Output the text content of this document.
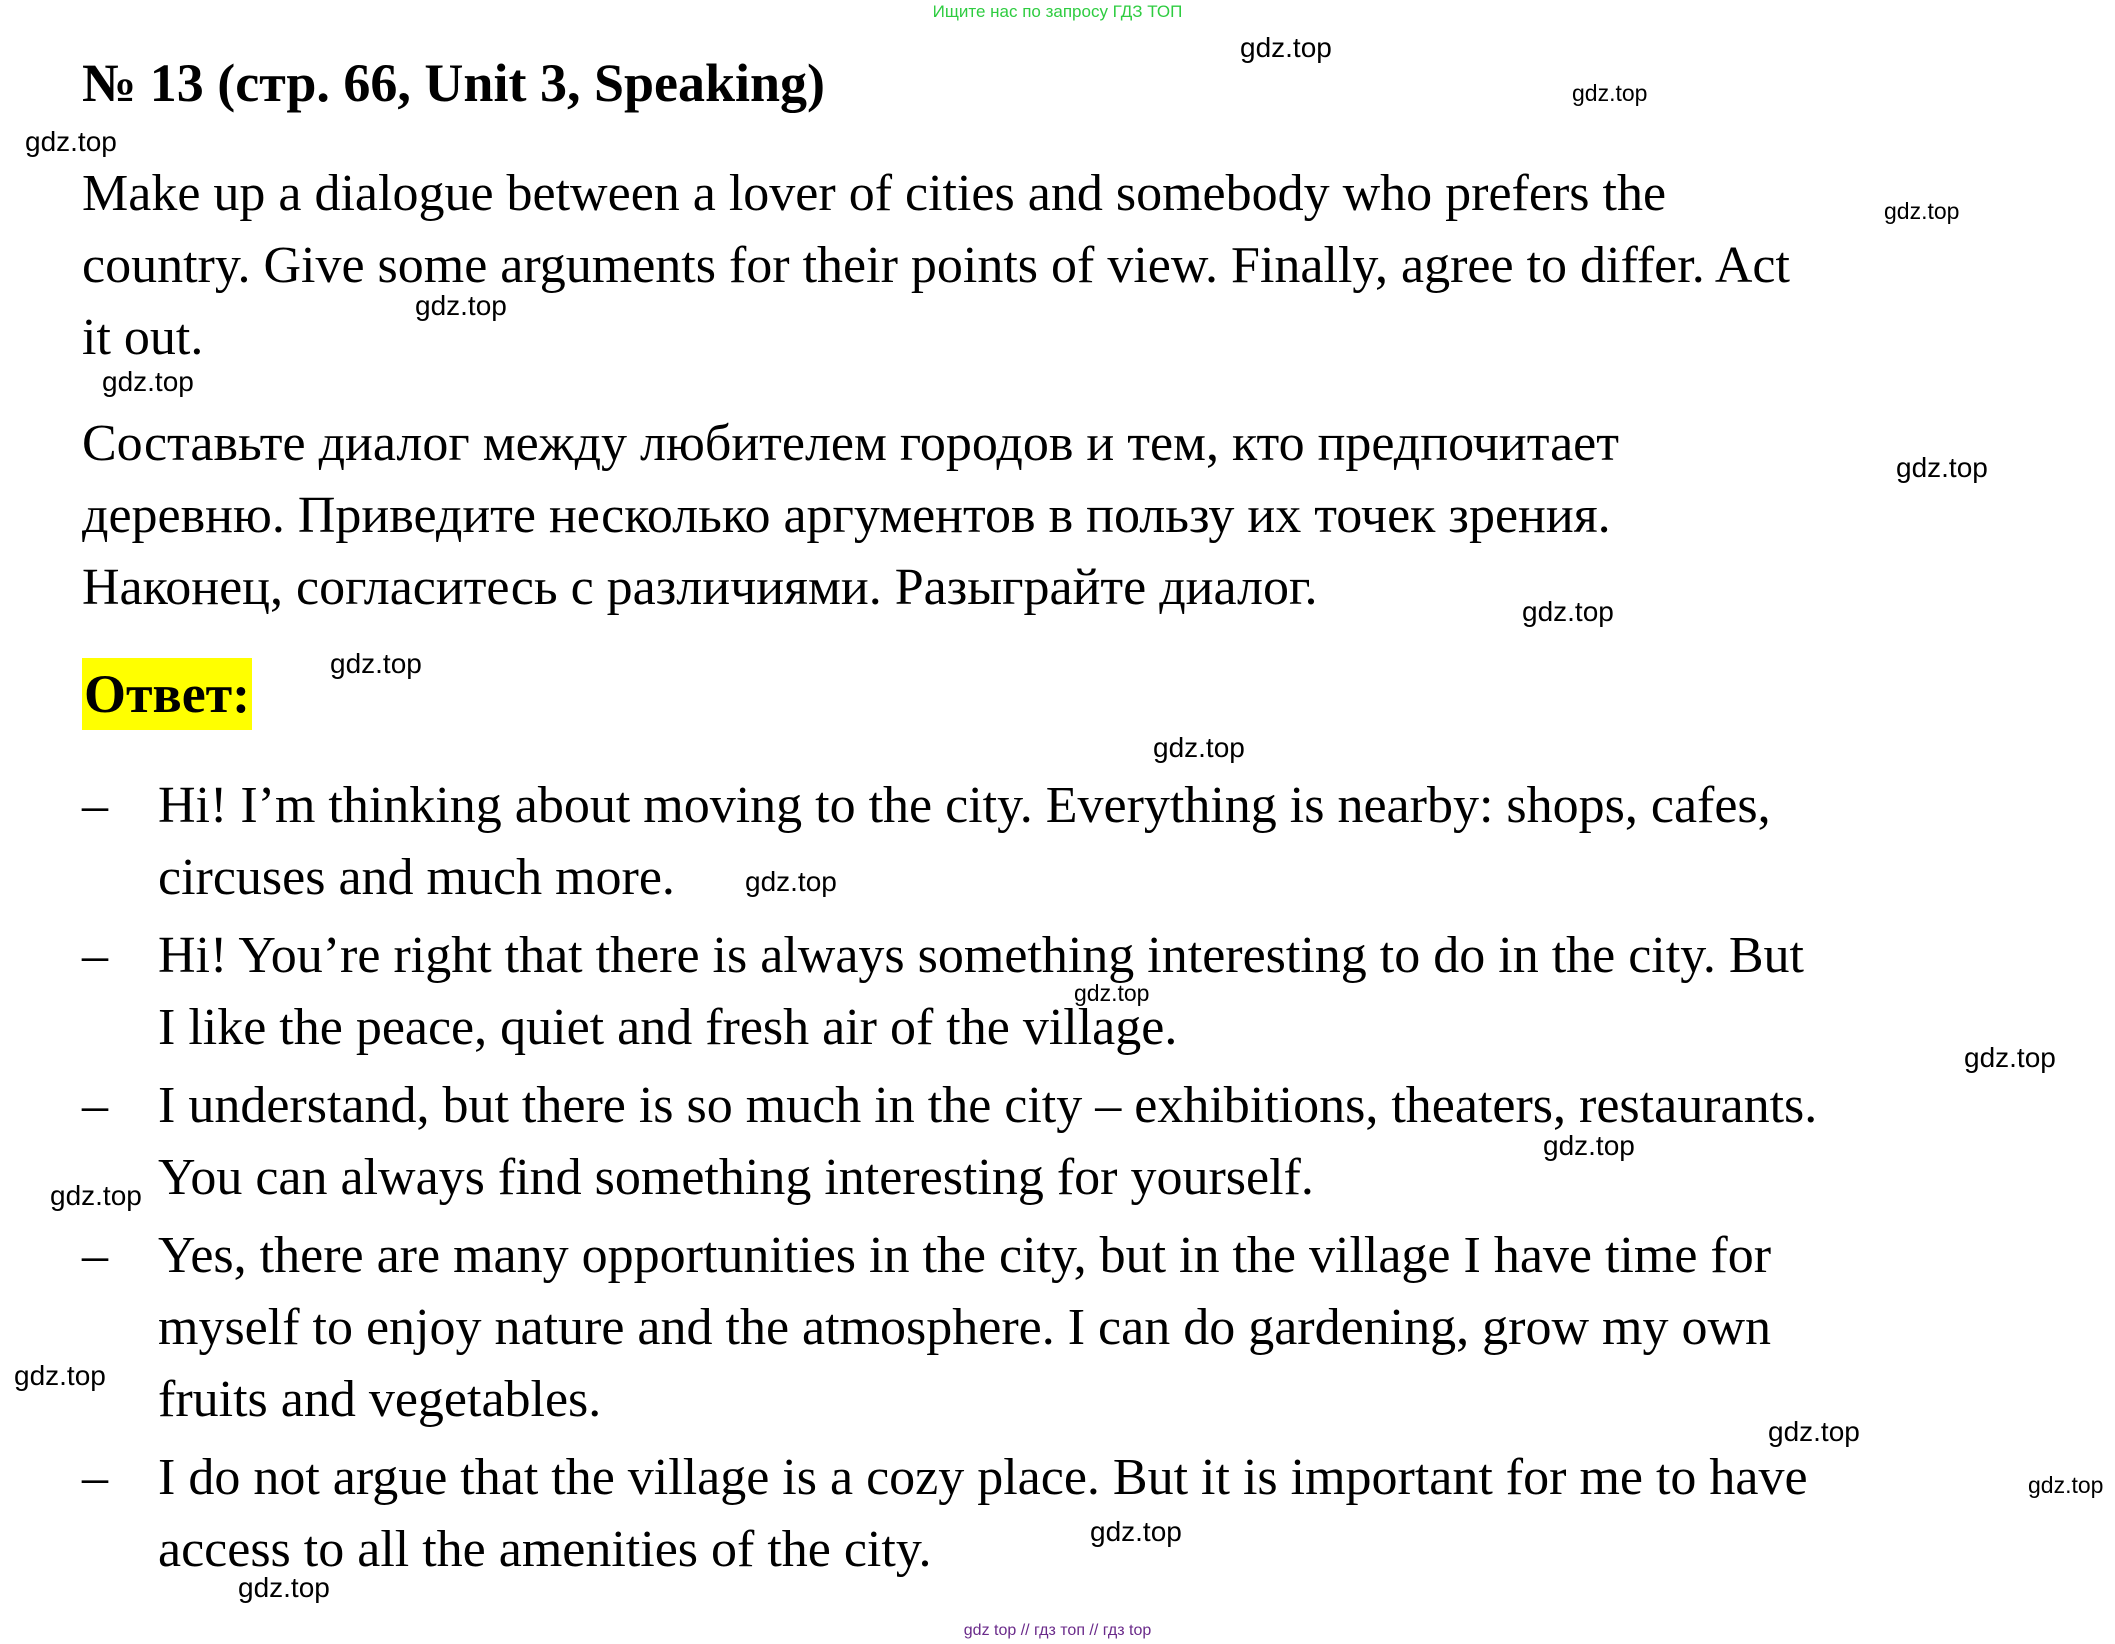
Ищите нас по запросу ГДЗ ТОП
№ 13 (стр. 66, Unit 3, Speaking)
Make up a dialogue between a lover of cities and somebody who prefers the
country. Give some arguments for their points of view. Finally, agree to differ. Act
it out.
Составьте диалог между любителем городов и тем, кто предпочитает
деревню. Приведите несколько аргументов в пользу их точек зрения.
Наконец, согласитесь с различиями. Разыграйте диалог.
Ответ:
– Hi! I’m thinking about moving to the city. Everything is nearby: shops, cafes,
circuses and much more.
– Hi! You’re right that there is always something interesting to do in the city. But
I like the peace, quiet and fresh air of the village.
– I understand, but there is so much in the city – exhibitions, theaters, restaurants.
You can always find something interesting for yourself.
– Yes, there are many opportunities in the city, but in the village I have time for
myself to enjoy nature and the atmosphere. I can do gardening, grow my own
fruits and vegetables.
– I do not argue that the village is a cozy place. But it is important for me to have
access to all the amenities of the city.
gdz.top
gdz.top
gdz.top
gdz.top
gdz.top
gdz.top
gdz.top
gdz.top
gdz.top
gdz.top
gdz.top
gdz.top
gdz.top
gdz.top
gdz.top
gdz.top
gdz.top
gdz.top
gdz.top
gdz.top
gdz top // гдз топ // гдз top
